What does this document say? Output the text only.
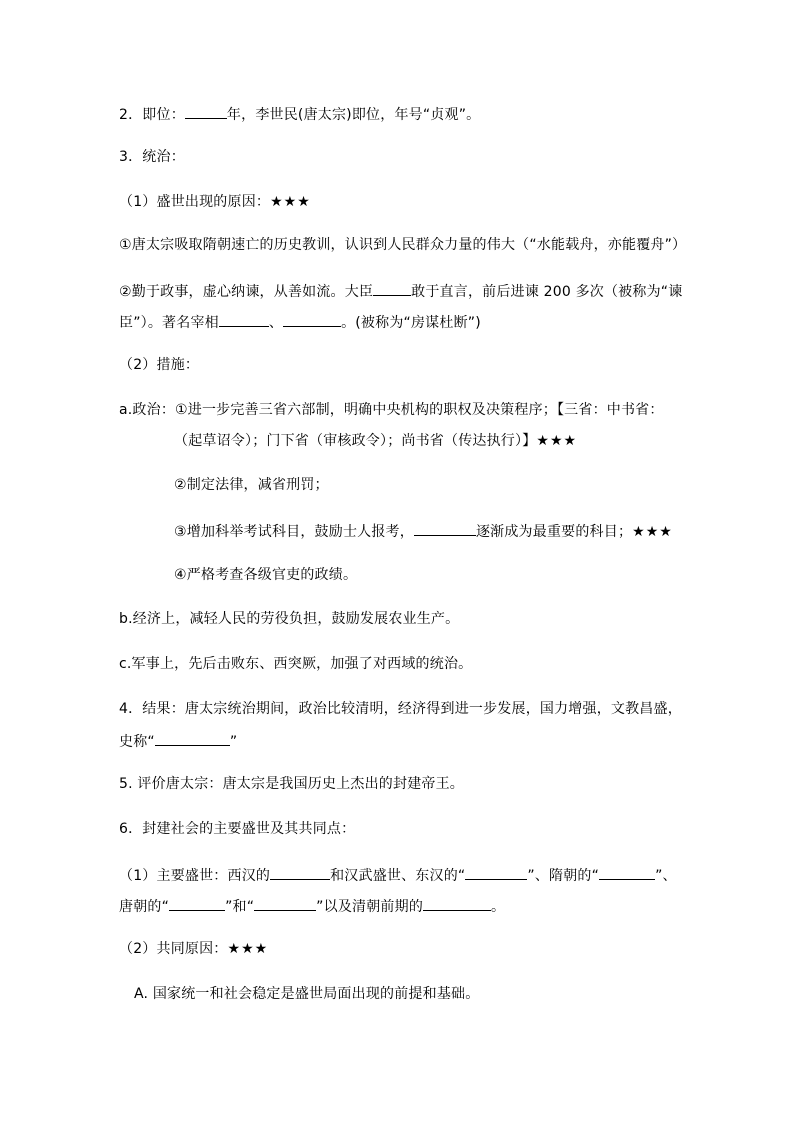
2．即位：	年，李世民(唐太宗)即位，年号“贞观”。
3．统治：
（1）盛世出现的原因：★★★
①唐太宗吸取隋朝速亡的历史教训，认识到人民群众力量的伟大（“水能载舟，亦能覆舟”）
②勤于政事，虚心纳谏，从善如流。大臣	敢于直言，前后进谏 200 多次（被称为“谏
臣”）。著名宰相	、	。(被称为“房谋杜断”)
（2）措施：
a.政治：①进一步完善三省六部制，明确中央机构的职权及决策程序；【三省：中书省：
（起草诏令）；门下省（审核政令）；尚书省（传达执行）】★★★
②制定法律，减省刑罚；
③增加科举考试科目，鼓励士人报考，	逐渐成为最重要的科目；★★★
④严格考查各级官吏的政绩。
b.经济上，减轻人民的劳役负担，鼓励发展农业生产。
c.军事上，先后击败东、西突厥，加强了对西域的统治。
4．结果：唐太宗统治期间，政治比较清明，经济得到进一步发展，国力增强，文教昌盛，
史称“	”
5. 评价唐太宗：唐太宗是我国历史上杰出的封建帝王。
6．封建社会的主要盛世及其共同点：
（1）主要盛世：西汉的	和汉武盛世、东汉的“	”、隋朝的“	”、
唐朝的“	”和“	”以及清朝前期的	。
（2）共同原因：★★★
A. 国家统一和社会稳定是盛世局面出现的前提和基础。
